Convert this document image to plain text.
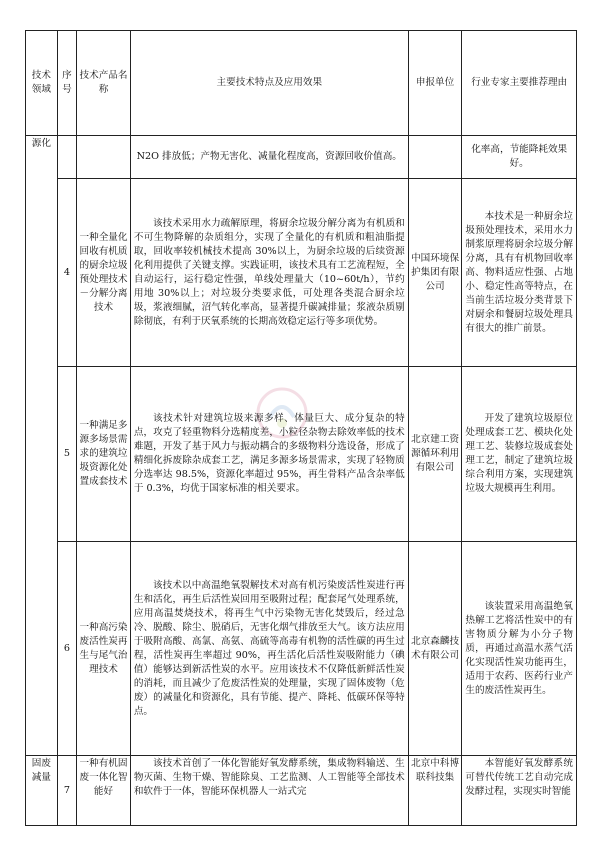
技术领域	序号	技术产品名称	主要技术特点及应用效果	申报单位	行业专家主要推荐理由
源化			N2O 排放低；产物无害化、减量化程度高，资源回收价值高。		化率高，节能降耗效果好。
	4	一种全量化回收有机质的厨余垃圾预处理技术－分解分离技术	该技术采用水力疏解原理，将厨余垃圾分解分离为有机质和不可生物降解的杂质组分，实现了全量化的有机质和粗油脂提取，回收率较机械技术提高 30%以上，为厨余垃圾的后续资源化利用提供了关键支撑。实践证明，该技术具有工艺流程短，全自动运行，运行稳定性强，单线处理量大（10~60t/h），节约用地 30%以上；对垃圾分类要求低，可处理各类混合厨余垃圾，浆液细腻，沼气转化率高，显著提升碳减排量；浆液杂质剔除彻底，有利于厌氧系统的长期高效稳定运行等多项优势。	中国环境保护集团有限公司	本技术是一种厨余垃圾预处理技术，采用水力制浆原理将厨余垃圾分解分离，具有有机物回收率高、物料适应性强、占地小、稳定性高等特点，在当前生活垃圾分类背景下对厨余和餐厨垃圾处理具有很大的推广前景。
	5	一种满足多源多场景需求的建筑垃圾资源化处置成套技术	该技术针对建筑垃圾来源多样、体量巨大、成分复杂的特点，攻克了轻重物料分选精度差，小粒径杂物去除效率低的技术难题，开发了基于风力与振动耦合的多级物料分选设备，形成了精细化拆废除杂成套工艺，满足多源多场景需求，实现了轻物质分选率达 98.5%，资源化率超过 95%，再生骨料产品含杂率低于 0.3%，均优于国家标准的相关要求。	北京建工资源循环利用有限公司	开发了建筑垃圾原位处理成套工艺、模块化处理工艺、装修垃圾成套处理工艺，制定了建筑垃圾综合利用方案，实现建筑垃圾大规模再生利用。
	6	一种高污染废活性炭再生与尾气治理技术	该技术以中高温绝氧裂解技术对高有机污染废活性炭进行再生和活化，再生后活性炭回用至吸附过程；配套尾气处理系统，应用高温焚烧技术，将再生气中污染物无害化焚毁后，经过急冷、脱酸、除尘、脱硝后，无害化烟气排放至大气。该方法应用于吸附高酸、高氯、高氨、高硫等高毒有机物的活性碳的再生过程，活性炭再生率超过 90%，再生活化后活性炭吸附能力（碘值）能够达到新活性炭的水平。应用该技术不仅降低新鲜活性炭的消耗，而且减少了危废活性炭的处理量，实现了固体废物（危废）的减量化和资源化，具有节能、提产、降耗、低碳环保等特点。	北京森麟技术有限公司	该装置采用高温绝氧热解工艺将活性炭中的有害物质分解为小分子物质，再通过高温水蒸气活化实现活性炭功能再生，适用于农药、医药行业产生的废活性炭再生。
固废减量	7	一种有机固废一体化智能好	该技术首创了一体化智能好氧发酵系统，集成物料输送、生物灭菌、生物干燥、智能除臭、工艺监测、人工智能等全部技术和软件于一体，智能环保机器人一站式完	北京中科博联科技集	本智能好氧发酵系统可替代传统工艺自动完成发酵过程，实现实时智能
